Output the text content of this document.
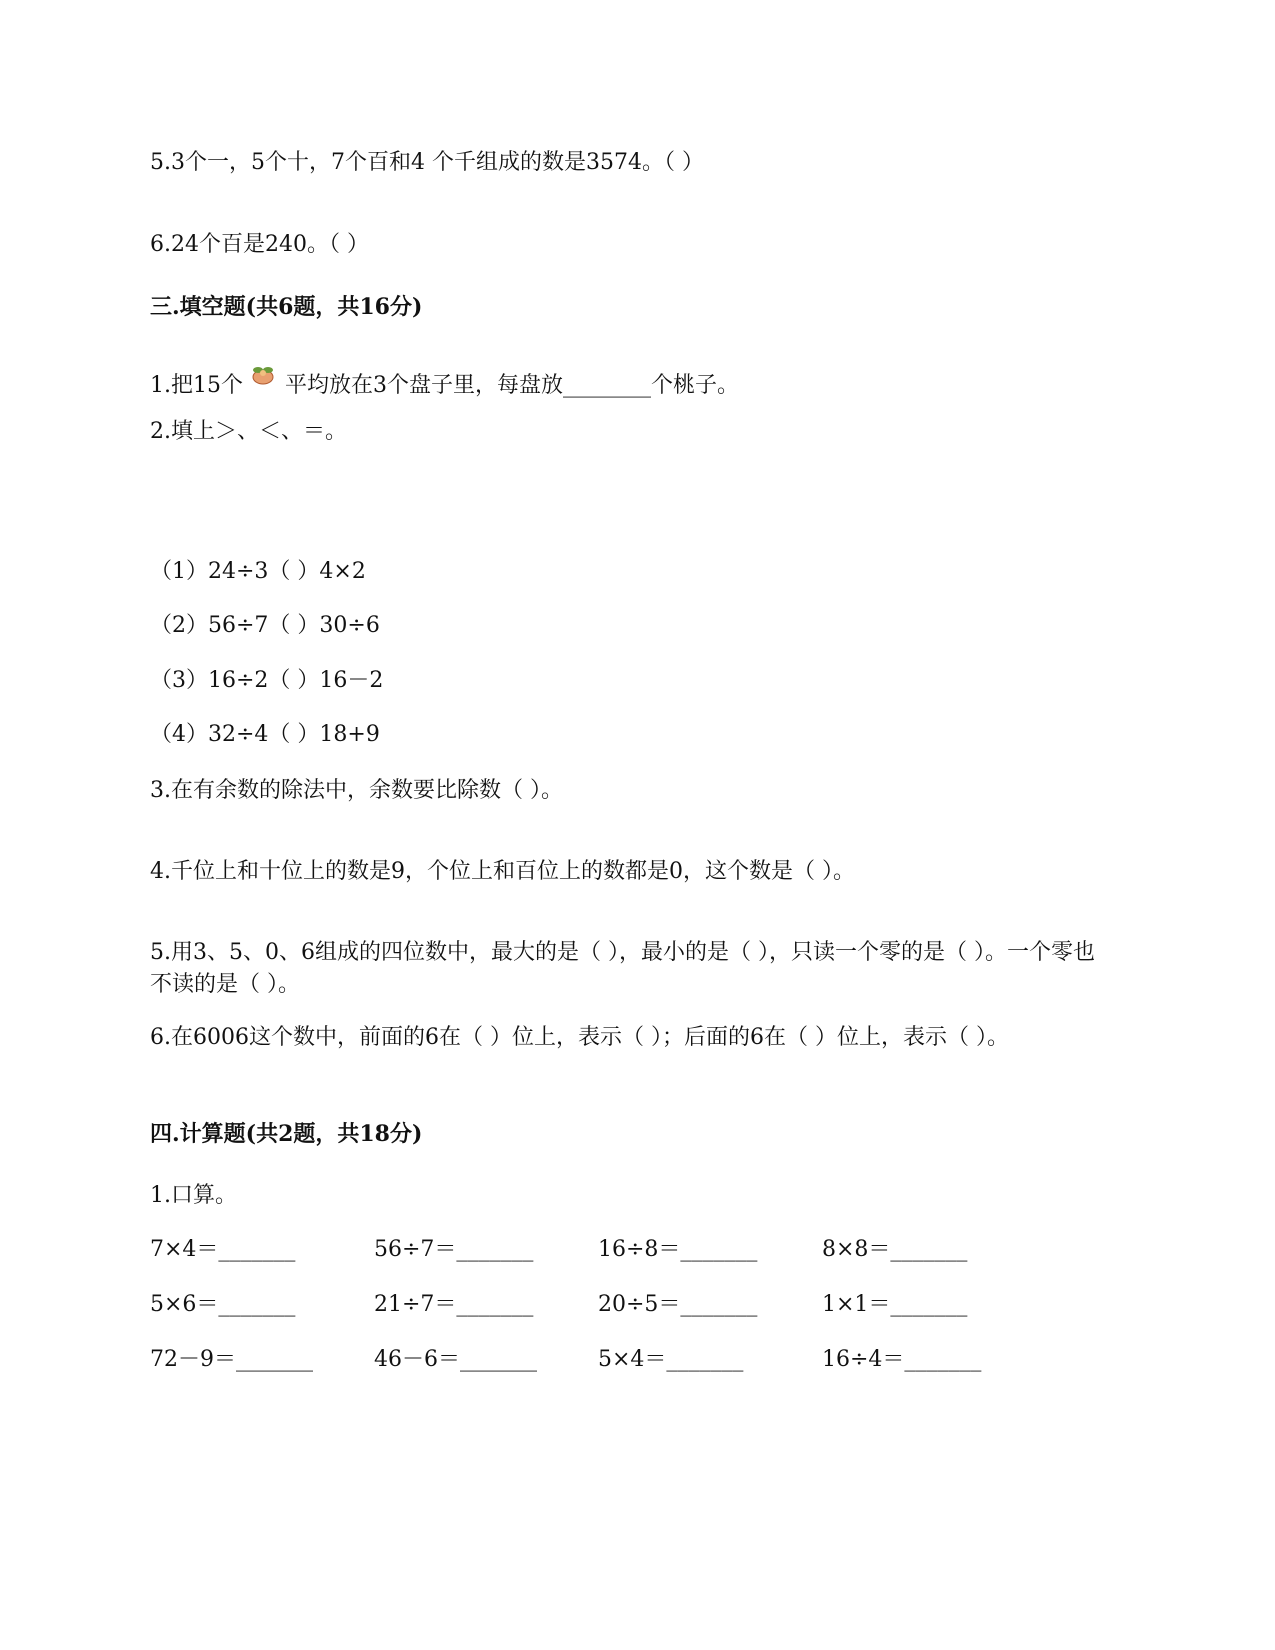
5.3个一，5个十，7个百和4 个千组成的数是3574。（ ）
6.24个百是240。（ ）
三.填空题(共6题，共16分)
1.把15个 平均放在3个盘子里，每盘放________个桃子。
2.填上＞、＜、＝。
（1）24÷3（ ）4×2
（2）56÷7（ ）30÷6
（3）16÷2（ ）16－2
（4）32÷4（ ）18+9
3.在有余数的除法中，余数要比除数（ ）。
4.千位上和十位上的数是9，个位上和百位上的数都是0，这个数是（ ）。
5.用3、5、0、6组成的四位数中，最大的是（ ），最小的是（ ），只读一个零的是（ ）。一个零也不读的是（ ）。
6.在6006这个数中，前面的6在（ ）位上，表示（ ）；后面的6在（ ）位上，表示（ ）。
四.计算题(共2题，共18分)
1.口算。
7×4＝_______	56÷7＝_______	16÷8＝_______	8×8＝_______
5×6＝_______	21÷7＝_______	20÷5＝_______	1×1＝_______
72－9＝_______	46－6＝_______	5×4＝_______	16÷4＝_______
